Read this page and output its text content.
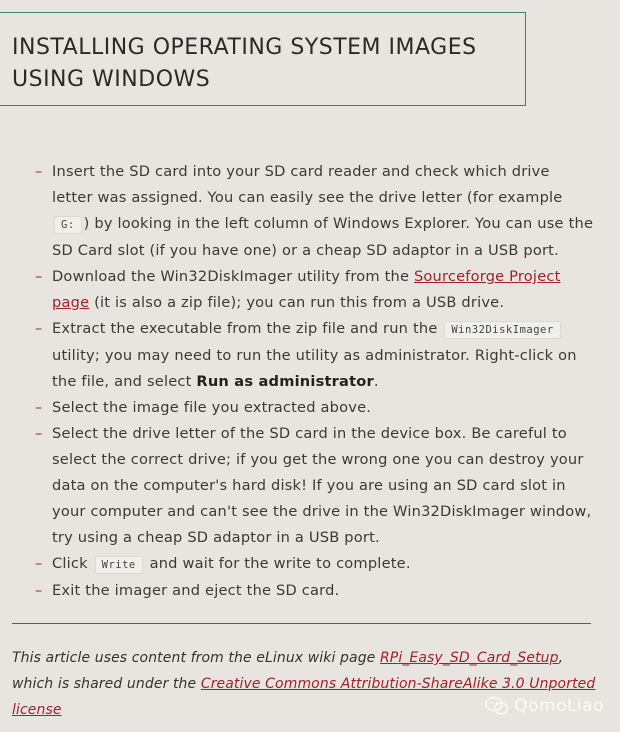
INSTALLING OPERATING SYSTEM IMAGES
USING WINDOWS
– Insert the SD card into your SD card reader and check which drive letter was assigned. You can easily see the drive letter (for example G: ) by looking in the left column of Windows Explorer. You can use the SD Card slot (if you have one) or a cheap SD adaptor in a USB port.
– Download the Win32DiskImager utility from the Sourceforge Project page (it is also a zip file); you can run this from a USB drive.
– Extract the executable from the zip file and run the Win32DiskImager utility; you may need to run the utility as administrator. Right-click on the file, and select Run as administrator.
– Select the image file you extracted above.
– Select the drive letter of the SD card in the device box. Be careful to select the correct drive; if you get the wrong one you can destroy your data on the computer's hard disk! If you are using an SD card slot in your computer and can't see the drive in the Win32DiskImager window, try using a cheap SD adaptor in a USB port.
– Click Write and wait for the write to complete.
– Exit the imager and eject the SD card.

This article uses content from the eLinux wiki page RPi_Easy_SD_Card_Setup, which is shared under the Creative Commons Attribution-ShareAlike 3.0 Unported license	QomoLiao
